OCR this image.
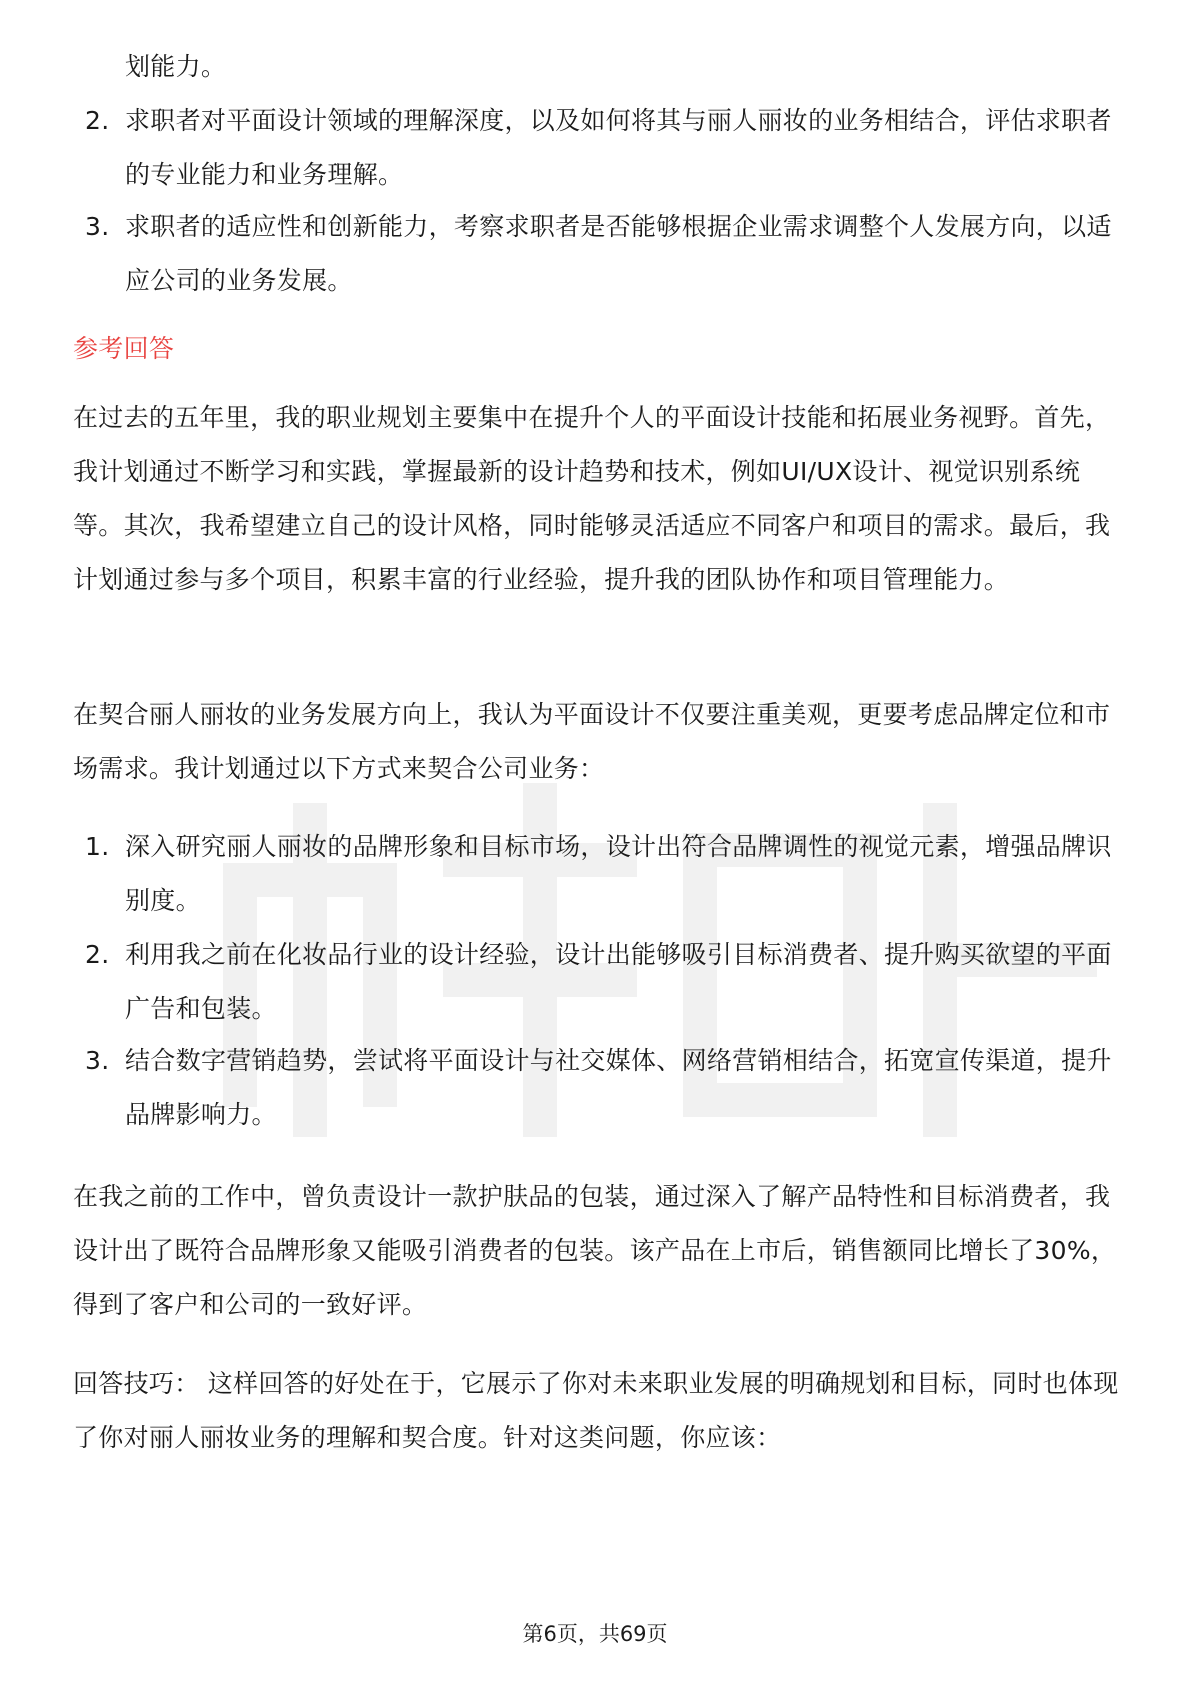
划能力。
2. 求职者对平面设计领域的理解深度，以及如何将其与丽人丽妆的业务相结合，评估求职者的专业能力和业务理解。
3. 求职者的适应性和创新能力，考察求职者是否能够根据企业需求调整个人发展方向，以适应公司的业务发展。
参考回答

在过去的五年里，我的职业规划主要集中在提升个人的平面设计技能和拓展业务视野。首先，我计划通过不断学习和实践，掌握最新的设计趋势和技术，例如UI/UX设计、视觉识别系统等。其次，我希望建立自己的设计风格，同时能够灵活适应不同客户和项目的需求。最后，我计划通过参与多个项目，积累丰富的行业经验，提升我的团队协作和项目管理能力。

在契合丽人丽妆的业务发展方向上，我认为平面设计不仅要注重美观，更要考虑品牌定位和市场需求。我计划通过以下方式来契合公司业务：

1. 深入研究丽人丽妆的品牌形象和目标市场，设计出符合品牌调性的视觉元素，增强品牌识别度。
2. 利用我之前在化妆品行业的设计经验，设计出能够吸引目标消费者、提升购买欲望的平面广告和包装。
3. 结合数字营销趋势，尝试将平面设计与社交媒体、网络营销相结合，拓宽宣传渠道，提升品牌影响力。

在我之前的工作中，曾负责设计一款护肤品的包装，通过深入了解产品特性和目标消费者，我设计出了既符合品牌形象又能吸引消费者的包装。该产品在上市后，销售额同比增长了30%，得到了客户和公司的一致好评。

回答技巧： 这样回答的好处在于，它展示了你对未来职业发展的明确规划和目标，同时也体现了你对丽人丽妆业务的理解和契合度。针对这类问题，你应该：

第6页，共69页
